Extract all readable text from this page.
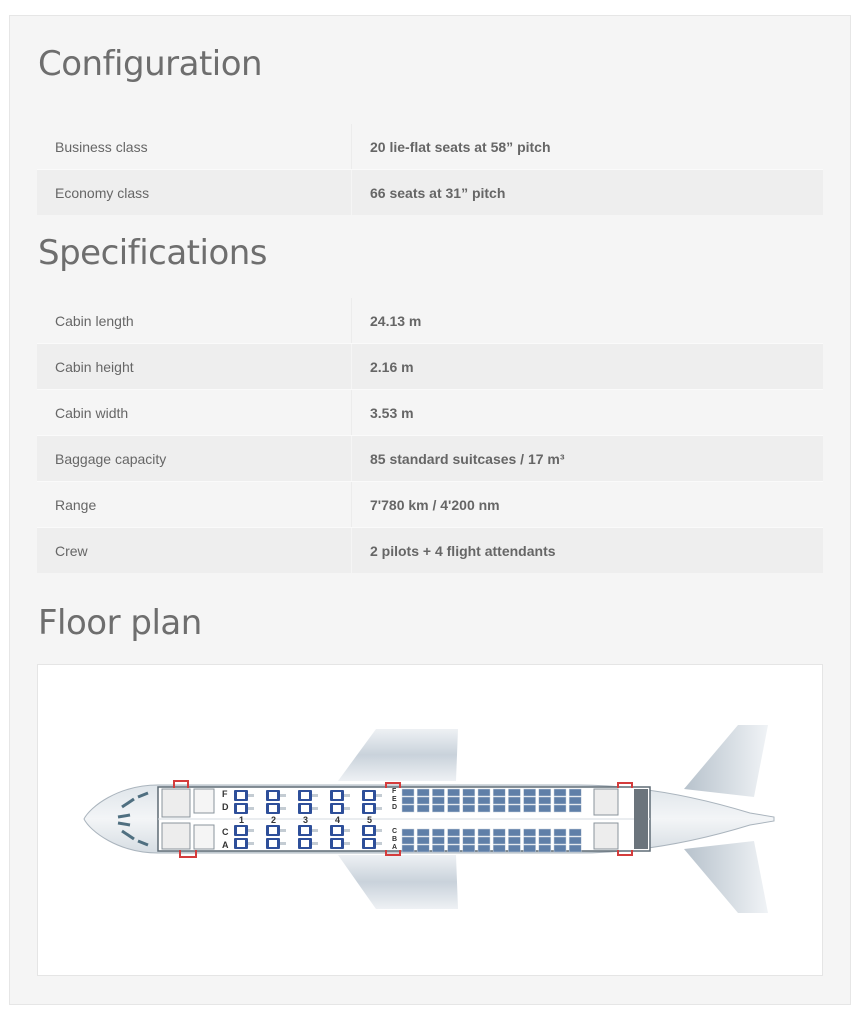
Configuration
Business class	20 lie-flat seats at 58” pitch
Economy class	66 seats at 31” pitch
Specifications
Cabin length	24.13 m
Cabin height	2.16 m
Cabin width	3.53 m
Baggage capacity	85 standard suitcases / 17 m³
Range	7'780 km / 4'200 nm
Crew	2 pilots + 4 flight attendants
Floor plan
F
D
C
A
1	2	3	4	5
F
E
D
C
B
A
